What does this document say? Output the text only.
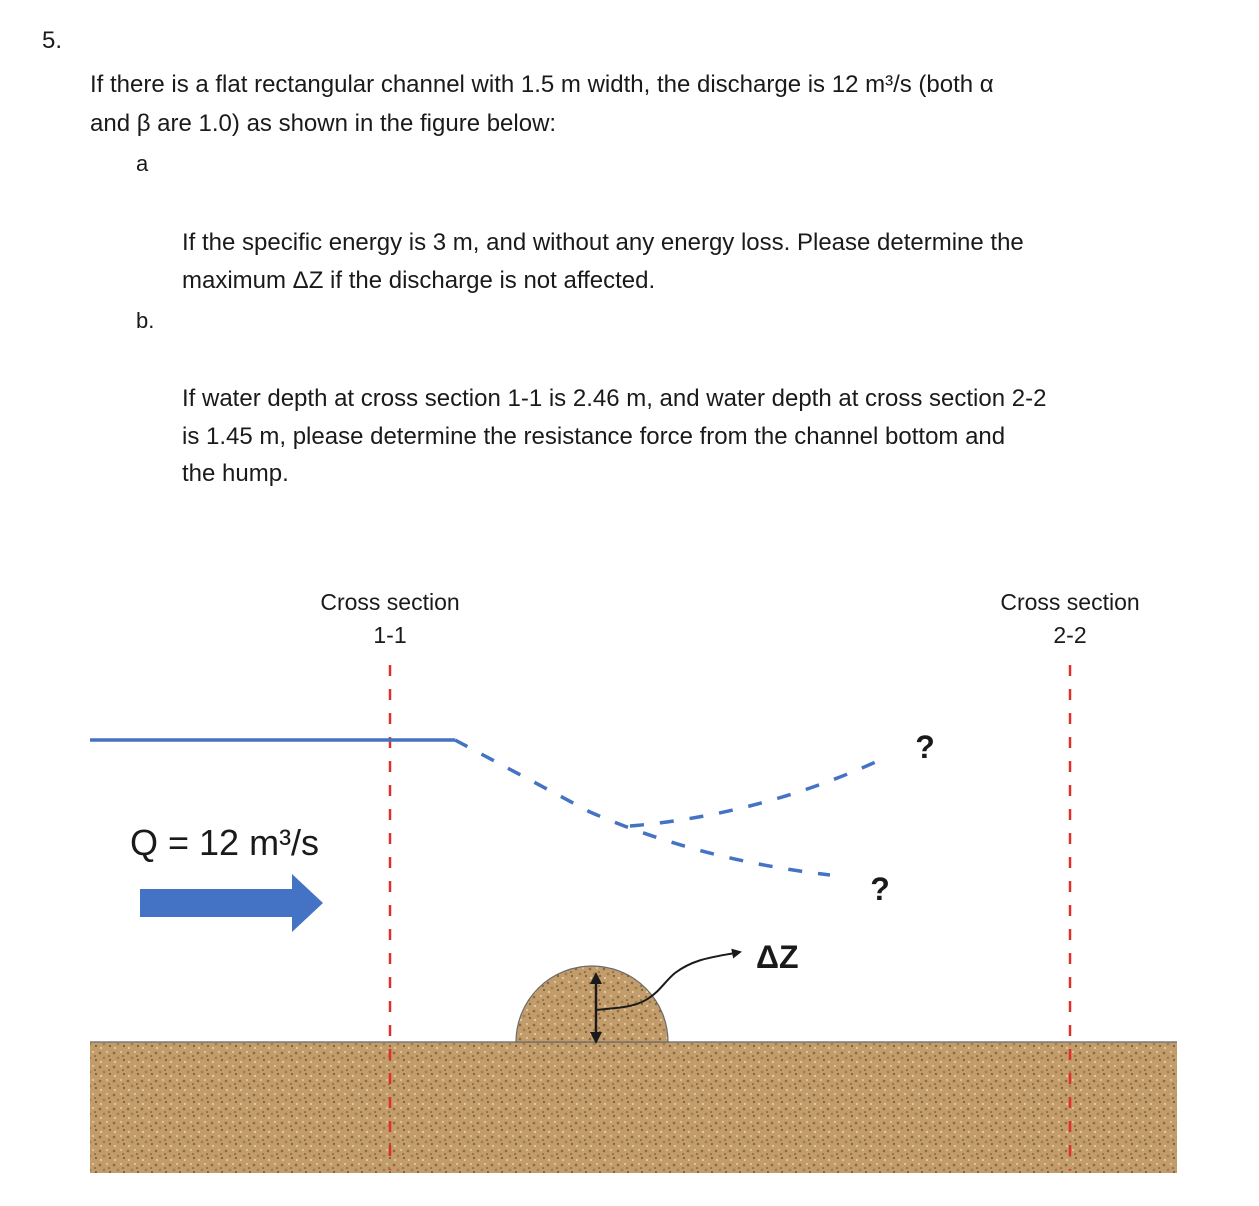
5.
If there is a flat rectangular channel with 1.5 m width, the discharge is 12 m³/s (both α
and β are 1.0) as shown in the figure below:
a
If the specific energy is 3 m, and without any energy loss. Please determine the
maximum ΔZ if the discharge is not affected.
b.
If water depth at cross section 1-1 is 2.46 m, and water depth at cross section 2-2
is 1.45 m, please determine the resistance force from the channel bottom and
the hump.
Cross section
1-1
Cross section
2-2
Q = 12 m³/s
?
?
ΔZ
